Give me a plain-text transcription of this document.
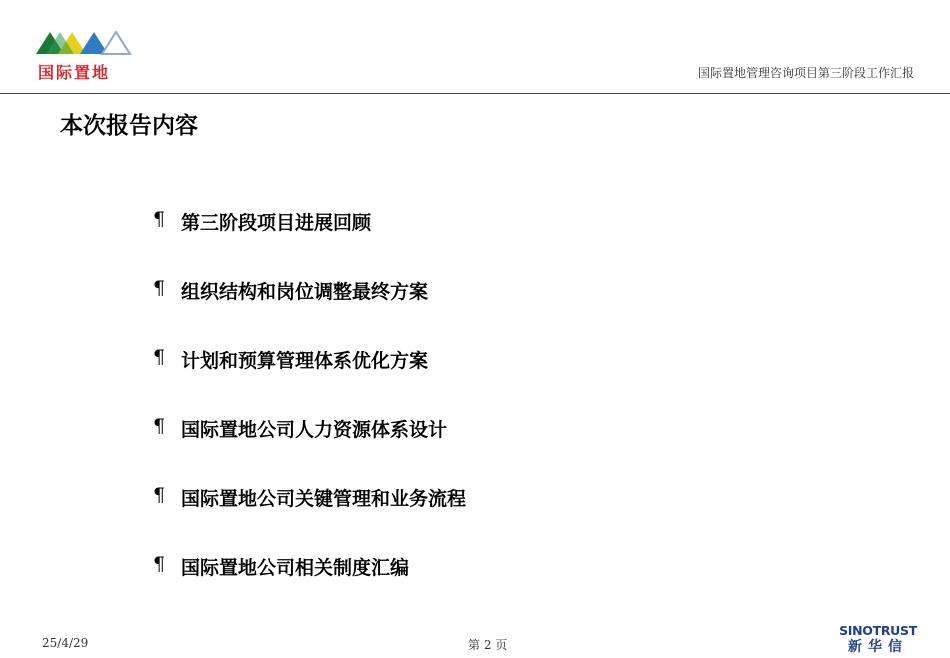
国际置地	国际置地管理咨询项目第三阶段工作汇报
本次报告内容
¶ 第三阶段项目进展回顾
¶ 组织结构和岗位调整最终方案
¶ 计划和预算管理体系优化方案
¶ 国际置地公司人力资源体系设计
¶ 国际置地公司关键管理和业务流程
¶ 国际置地公司相关制度汇编
25/4/29	第 2 页
SINOTRUST
新华信
